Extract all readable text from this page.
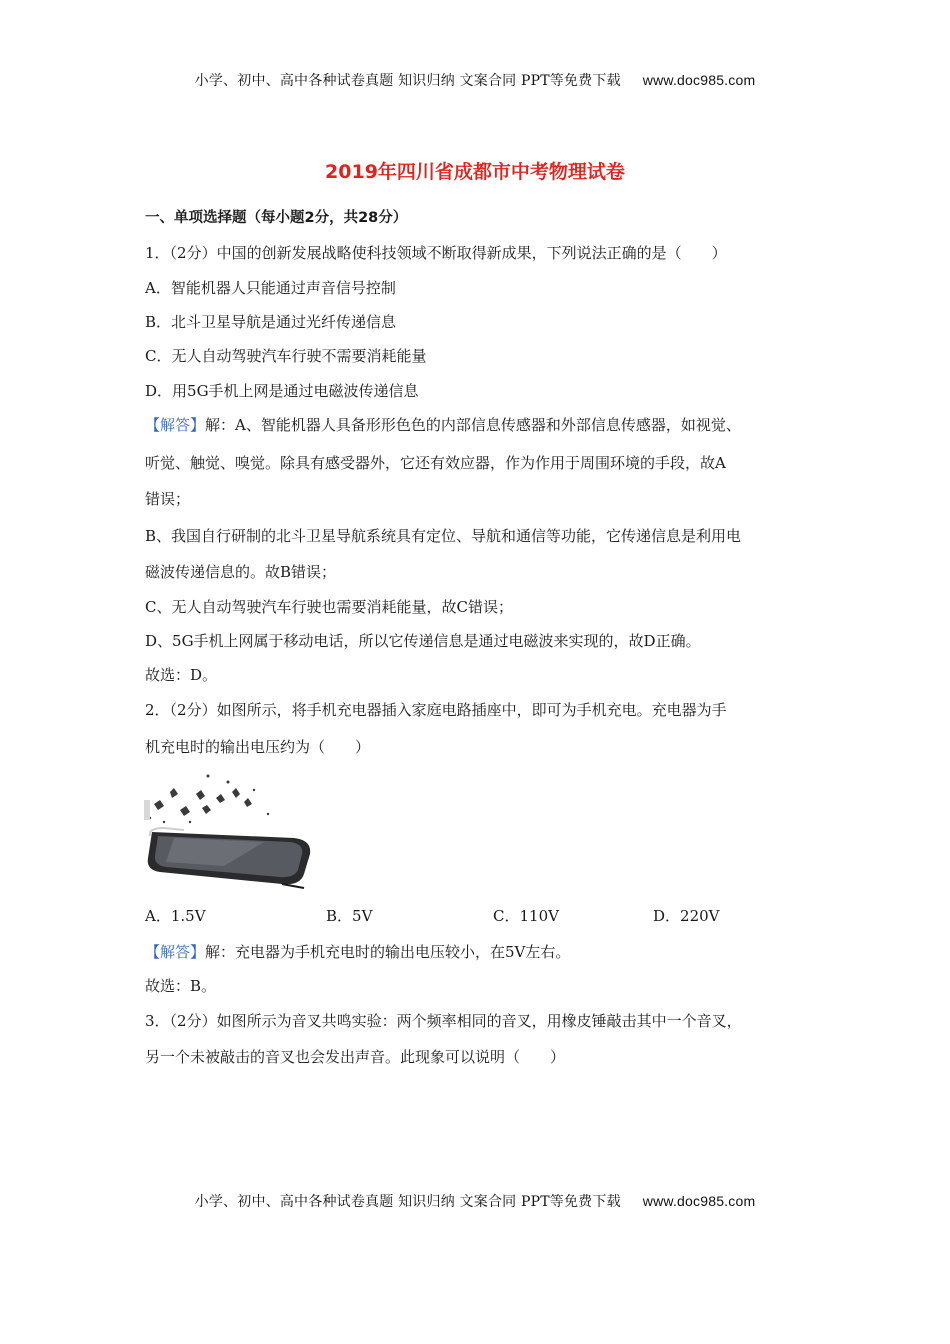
小学、初中、高中各种试卷真题 知识归纳 文案合同 PPT等免费下载 www.doc985.com
2019年四川省成都市中考物理试卷
一、单项选择题（每小题2分，共28分）
1．（2分）中国的创新发展战略使科技领域不断取得新成果，下列说法正确的是（　　）
A．智能机器人只能通过声音信号控制
B．北斗卫星导航是通过光纤传递信息
C．无人自动驾驶汽车行驶不需要消耗能量
D．用5G手机上网是通过电磁波传递信息
【解答】解：A、智能机器人具备形形色色的内部信息传感器和外部信息传感器，如视觉、
听觉、触觉、嗅觉。除具有感受器外，它还有效应器，作为作用于周围环境的手段，故A
错误；
B、我国自行研制的北斗卫星导航系统具有定位、导航和通信等功能，它传递信息是利用电
磁波传递信息的。故B错误；
C、无人自动驾驶汽车行驶也需要消耗能量，故C错误；
D、5G手机上网属于移动电话，所以它传递信息是通过电磁波来实现的，故D正确。
故选：D。
2．（2分）如图所示，将手机充电器插入家庭电路插座中，即可为手机充电。充电器为手
机充电时的输出电压约为（　　）
A．1.5V	B．5V	C．110V	D．220V
【解答】解：充电器为手机充电时的输出电压较小，在5V左右。
故选：B。
3．（2分）如图所示为音叉共鸣实验：两个频率相同的音叉，用橡皮锤敲击其中一个音叉，
另一个未被敲击的音叉也会发出声音。此现象可以说明（　　）
小学、初中、高中各种试卷真题 知识归纳 文案合同 PPT等免费下载 www.doc985.com
